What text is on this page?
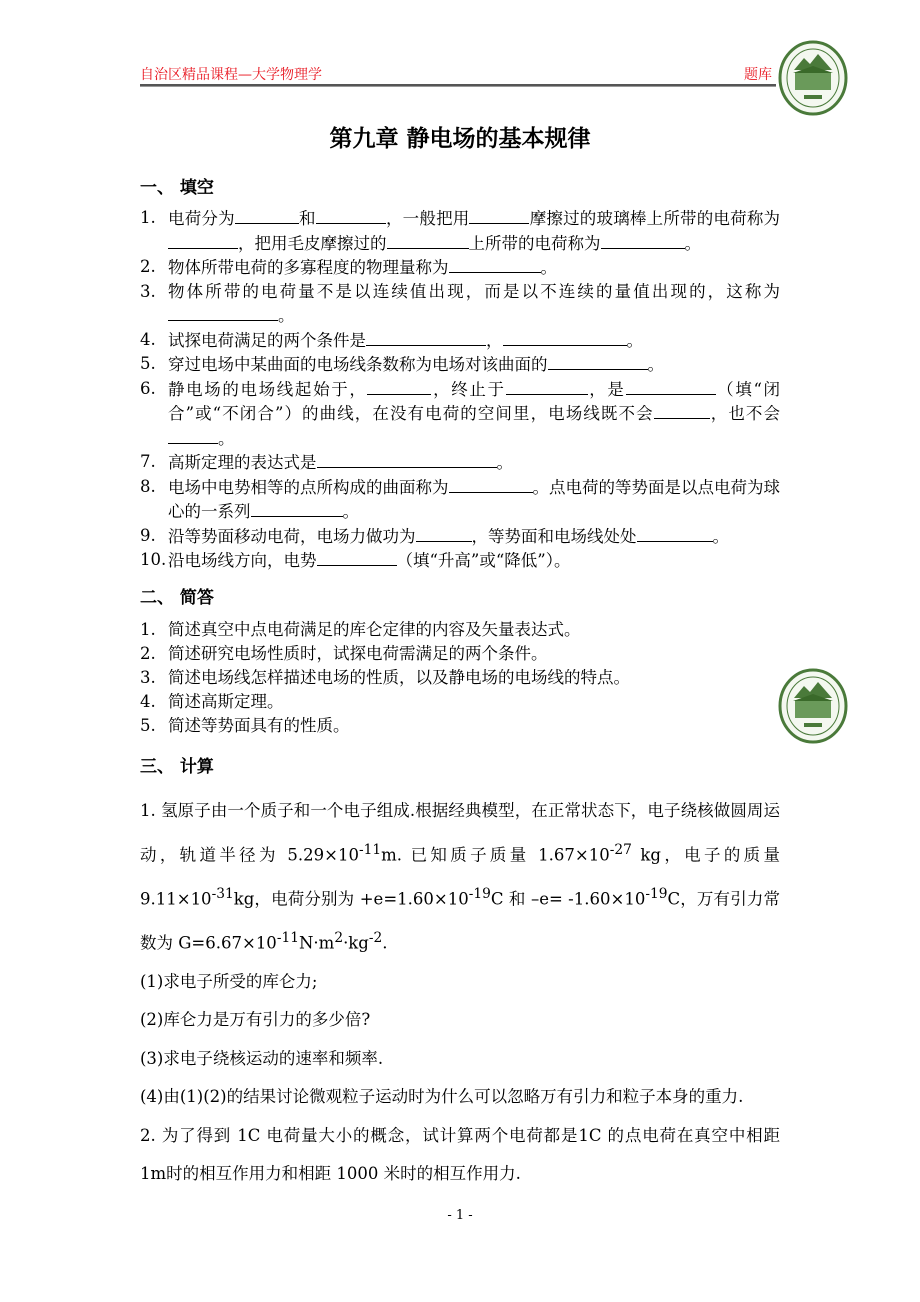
自治区精品课程—大学物理学	题库
第九章 静电场的基本规律
一、 填空
1. 电荷分为	和	，一般把用	摩擦过的玻璃棒上所带的电荷称为，把用毛皮摩擦过的	上所带的电荷称为	。
2. 物体所带电荷的多寡程度的物理量称为	。
3. 物体所带的电荷量不是以连续值出现，而是以不连续的量值出现的，这称为。
4. 试探电荷满足的两个条件是	，	。
5. 穿过电场中某曲面的电场线条数称为电场对该曲面的	。
6. 静电场的电场线起始于，	，终止于	，是	（填“闭合”或“不闭合”）的曲线，在没有电荷的空间里，电场线既不会	，也不会。
7. 高斯定理的表达式是	。
8. 电场中电势相等的点所构成的曲面称为	。点电荷的等势面是以点电荷为球心的一系列	。
9. 沿等势面移动电荷，电场力做功为	，等势面和电场线处处	。
10. 沿电场线方向，电势	（填“升高”或“降低”）。
二、 简答
1. 简述真空中点电荷满足的库仑定律的内容及矢量表达式。
2. 简述研究电场性质时，试探电荷需满足的两个条件。
3. 简述电场线怎样描述电场的性质，以及静电场的电场线的特点。
4. 简述高斯定理。
5. 简述等势面具有的性质。
三、 计算

1. 氢原子由一个质子和一个电子组成.根据经典模型，在正常状态下，电子绕核做圆周运动，轨道半径为 $5.29\times 10^{-11}m$. 已知质子质量 $1.67\times 10^{-27}$ kg，电子的质量 $9.11\times 10^{-31}kg$，电荷分别为 $+e=1.60\times 10^{-19}C$ 和 $-e= -1.60\times 10^{-19}C$，万有引力常数为 $G=6.67\times 10^{-11}N\cdot m^2\cdot kg^{-2}$.

(1)求电子所受的库仑力;

(2)库仑力是万有引力的多少倍?

(3)求电子绕核运动的速率和频率.

(4)由(1)(2)的结果讨论微观粒子运动时为什么可以忽略万有引力和粒子本身的重力.

2. 为了得到 1C 电荷量大小的概念，试计算两个电荷都是1C 的点电荷在真空中相距 1m时的相互作用力和相距 1000 米时的相互作用力.

- 1 -
